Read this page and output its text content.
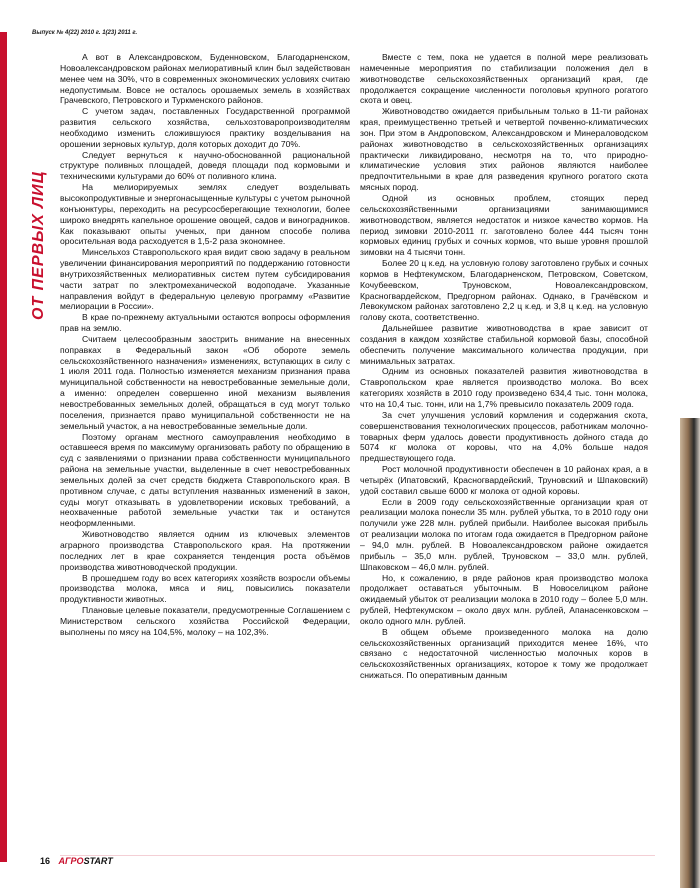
Выпуск № 4(22) 2010 г. 1(23) 2011 г.
ОТ ПЕРВЫХ ЛИЦ

А вот в Александровском, Буденновском, Благодарненском, Новоалександровском районах мелиоративный клин был задействован менее чем на 30%, что в современных экономических условиях считаю недопустимым. Вовсе не осталось орошаемых земель в хозяйствах Грачевского, Петровского и Туркменского районов.

С учетом задач, поставленных Государственной программой развития сельского хозяйства, сельхозтоваропроизводителям необходимо изменить сложившуюся практику возделывания на орошении зерновых культур, доля которых доходит до 70%.

Следует вернуться к научно-обоснованной рациональной структуре поливных площадей, доведя площади под кормовыми и техническими культурами до 60% от поливного клина.

На мелиорируемых землях следует возделывать высокопродуктивные и энергонасыщенные культуры с учетом рыночной конъюнктуры, переходить на ресурсосберегающие технологии, более широко внедрять капельное орошение овощей, садов и виноградников. Как показывают опыты ученых, при данном способе полива оросительная вода расходуется в 1,5-2 раза экономнее.

Минсельхоз Ставропольского края видит свою задачу в реальном увеличении финансирования мероприятий по поддержанию готовности внутрихозяйственных мелиоративных систем путем субсидирования части затрат по электромеханической водоподаче. Указанные направления войдут в федеральную целевую программу «Развитие мелиорации в России».

В крае по-прежнему актуальными остаются вопросы оформления прав на землю.

Считаем целесообразным заострить внимание на внесенных поправках в Федеральный закон «Об обороте земель сельскохозяйственного назначения» изменениях, вступающих в силу с 1 июля 2011 года. Полностью изменяется механизм признания права муниципальной собственности на невостребованные земельные доли, а именно: определен совершенно иной механизм выявления невостребованных земельных долей, обращаться в суд могут только поселения, признается право муниципальной собственности не на земельный участок, а на невостребованные земельные доли.

Поэтому органам местного самоуправления необходимо в оставшееся время по максимуму организовать работу по обращению в суд с заявлениями о признании права собственности муниципального района на земельные участки, выделенные в счет невостребованных земельных долей за счет средств бюджета Ставропольского края. В противном случае, с даты вступления названных изменений в закон, суды могут отказывать в удовлетворении исковых требований, а неохваченные работой земельные участки так и останутся неоформленными.

Животноводство является одним из ключевых элементов аграрного производства Ставропольского края. На протяжении последних лет в крае сохраняется тенденция роста объёмов производства животноводческой продукции.

В прошедшем году во всех категориях хозяйств возросли объемы производства молока, мяса и яиц, повысились показатели продуктивности животных.

Плановые целевые показатели, предусмотренные Соглашением с Министерством сельского хозяйства Российской Федерации, выполнены по мясу на 104,5%, молоку – на 102,3%.

Вместе с тем, пока не удается в полной мере реализовать намеченные мероприятия по стабилизации положения дел в животноводстве сельскохозяйственных организаций края, где продолжается сокращение численности поголовья крупного рогатого скота и овец.

Животноводство ожидается прибыльным только в 11-ти районах края, преимущественно третьей и четвертой почвенно-климатических зон. При этом в Андроповском, Александровском и Минераловодском районах животноводство в сельскохозяйственных организациях практически ликвидировано, несмотря на то, что природно-климатические условия этих районов являются наиболее предпочтительными в крае для разведения крупного рогатого скота мясных пород.

Одной из основных проблем, стоящих перед сельскохозяйственными организациями занимающимися животноводством, является недостаток и низкое качество кормов. На период зимовки 2010-2011 гг. заготовлено более 444 тысяч тонн кормовых единиц грубых и сочных кормов, что выше уровня прошлой зимовки на 4 тысячи тонн.

Более 20 ц к.ед. на условную голову заготовлено грубых и сочных кормов в Нефтекумском, Благодарненском, Петровском, Советском, Кочубеевском, Труновском, Новоалександровском, Красногвардейском, Предгорном районах. Однако, в Грачёвском и Левокумском районах заготовлено 2,2 ц к.ед. и 3,8 ц к.ед. на условную голову скота, соответственно.

Дальнейшее развитие животноводства в крае зависит от создания в каждом хозяйстве стабильной кормовой базы, способной обеспечить получение максимального количества продукции, при минимальных затратах.

Одним из основных показателей развития животноводства в Ставропольском крае является производство молока. Во всех категориях хозяйств в 2010 году произведено 634,4 тыс. тонн молока, что на 10,4 тыс. тонн, или на 1,7% превысило показатель 2009 года.

За счет улучшения условий кормления и содержания скота, совершенствования технологических процессов, работникам молочно-товарных ферм удалось довести продуктивность дойного стада до 5074 кг молока от коровы, что на 4,0% больше надоя предшествующего года.

Рост молочной продуктивности обеспечен в 10 районах края, а в четырёх (Ипатовский, Красногвардейский, Труновский и Шпаковский) удой составил свыше 6000 кг молока от одной коровы.

Если в 2009 году сельскохозяйственные организации края от реализации молока понесли 35 млн. рублей убытка, то в 2010 году они получили уже 228 млн. рублей прибыли. Наиболее высокая прибыль от реализации молока по итогам года ожидается в Предгорном районе – 94,0 млн. рублей. В Новоалександровском районе ожидается прибыль – 35,0 млн. рублей, Труновском – 33,0 млн. рублей, Шпаковском – 46,0 млн. рублей.

Но, к сожалению, в ряде районов края производство молока продолжает оставаться убыточным. В Новоселицком районе ожидаемый убыток от реализации молока в 2010 году – более 5,0 млн. рублей, Нефтекумском – около двух млн. рублей, Апанасенковском – около одного млн. рублей.

В общем объеме произведенного молока на долю сельскохозяйственных организаций приходится менее 16%, что связано с недостаточной численностью молочных коров в сельскохозяйственных организациях, которое к тому же продолжает снижаться. По оперативным данным

16 АГРОSTART
